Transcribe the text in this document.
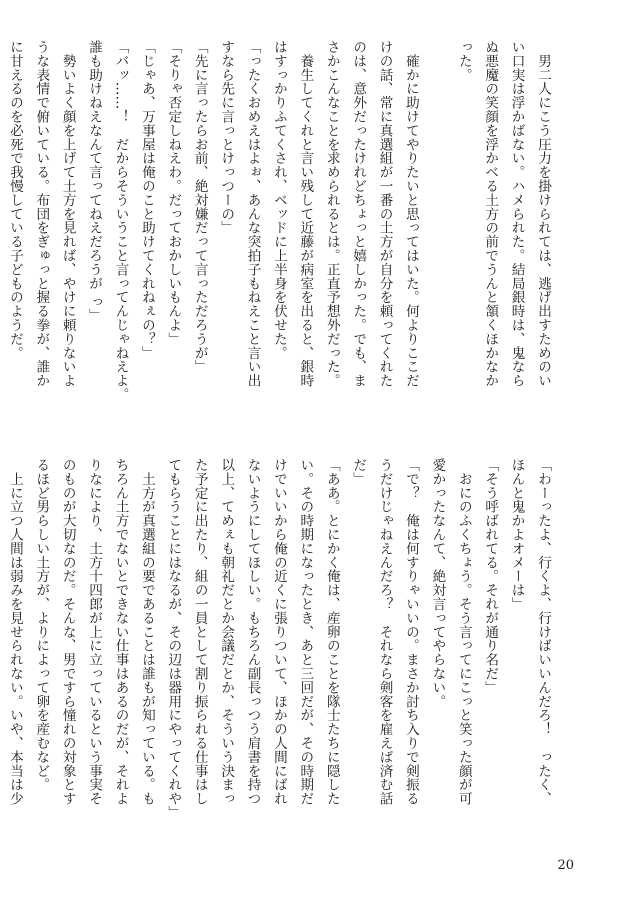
　男二人にこう圧力を掛けられては、逃げ出すためのい
い口実は浮かばない。ハメられた。結局銀時は、鬼なら
ぬ悪魔の笑顔を浮かべる土方の前でうんと頷くほかなか
った。

　確かに助けてやりたいと思ってはいた。何よりここだ
けの話、常に真選組が一番の土方が自分を頼ってくれた
のは、意外だったけれどちょっと嬉しかった。でも、ま
さかこんなことを求められるとは。正直予想外だった。
　養生してくれと言い残して近藤が病室を出ると、銀時
はすっかりふてくされ、ベッドに上半身を伏せた。
「ったくおめえはよぉ、あんな突拍子もねえこと言い出
すなら先に言っとけっつーの」
「先に言ったらお前、絶対嫌だって言っただろうが」
「そりゃ否定しねえわ。だっておかしいもんよ」
「じゃあ、万事屋は俺のこと助けてくれねぇの？」
「バッ……！　だからそういうこと言ってんじゃねえよ。
誰も助けねえなんて言ってねえだろうが っ」
　勢いよく顔を上げて土方を見れば、やけに頼りないよ
うな表情で俯いている。布団をぎゅっと握る拳が、誰か
に甘えるのを必死で我慢している子どものようだ。
「わーったよ、行くよ、行けばいいんだろ！　ったく、
ほんと鬼かよオメーは」
「そう呼ばれてる。それが通り名だ」
　おにのふくちょう。そう言ってにこっと笑った顔が可
愛かったなんて、絶対言ってやらない。
「で？　俺は何すりゃいいの。まさか討ち入りで剣振る
うだけじゃねえんだろ？　それなら剣客を雇えば済む話
だ」
「ああ。とにかく俺は、産卵のことを隊士たちに隠した
い。その時期になったとき、あと三回だが、その時期だ
けでいいから俺の近くに張りついて、ほかの人間にばれ
ないようにしてほしい。もちろん副長っつう肩書を持つ
以上、てめぇも朝礼だとか会議だとか、そういう決まっ
た予定に出たり、組の一員として割り振られる仕事はし
てもらうことにはなるが、その辺は器用にやってくれや」
　土方が真選組の要であることは誰もが知っている。も
ちろん土方でないとできない仕事はあるのだが、それよ
りなにより、土方十四郎が上に立っているという事実そ
のものが大切なのだ。そんな、男ですら憧れの対象とす
るほど男らしい土方が、よりによって卵を産むなど。
　上に立つ人間は弱みを見せられない。いや、本当は少
20
